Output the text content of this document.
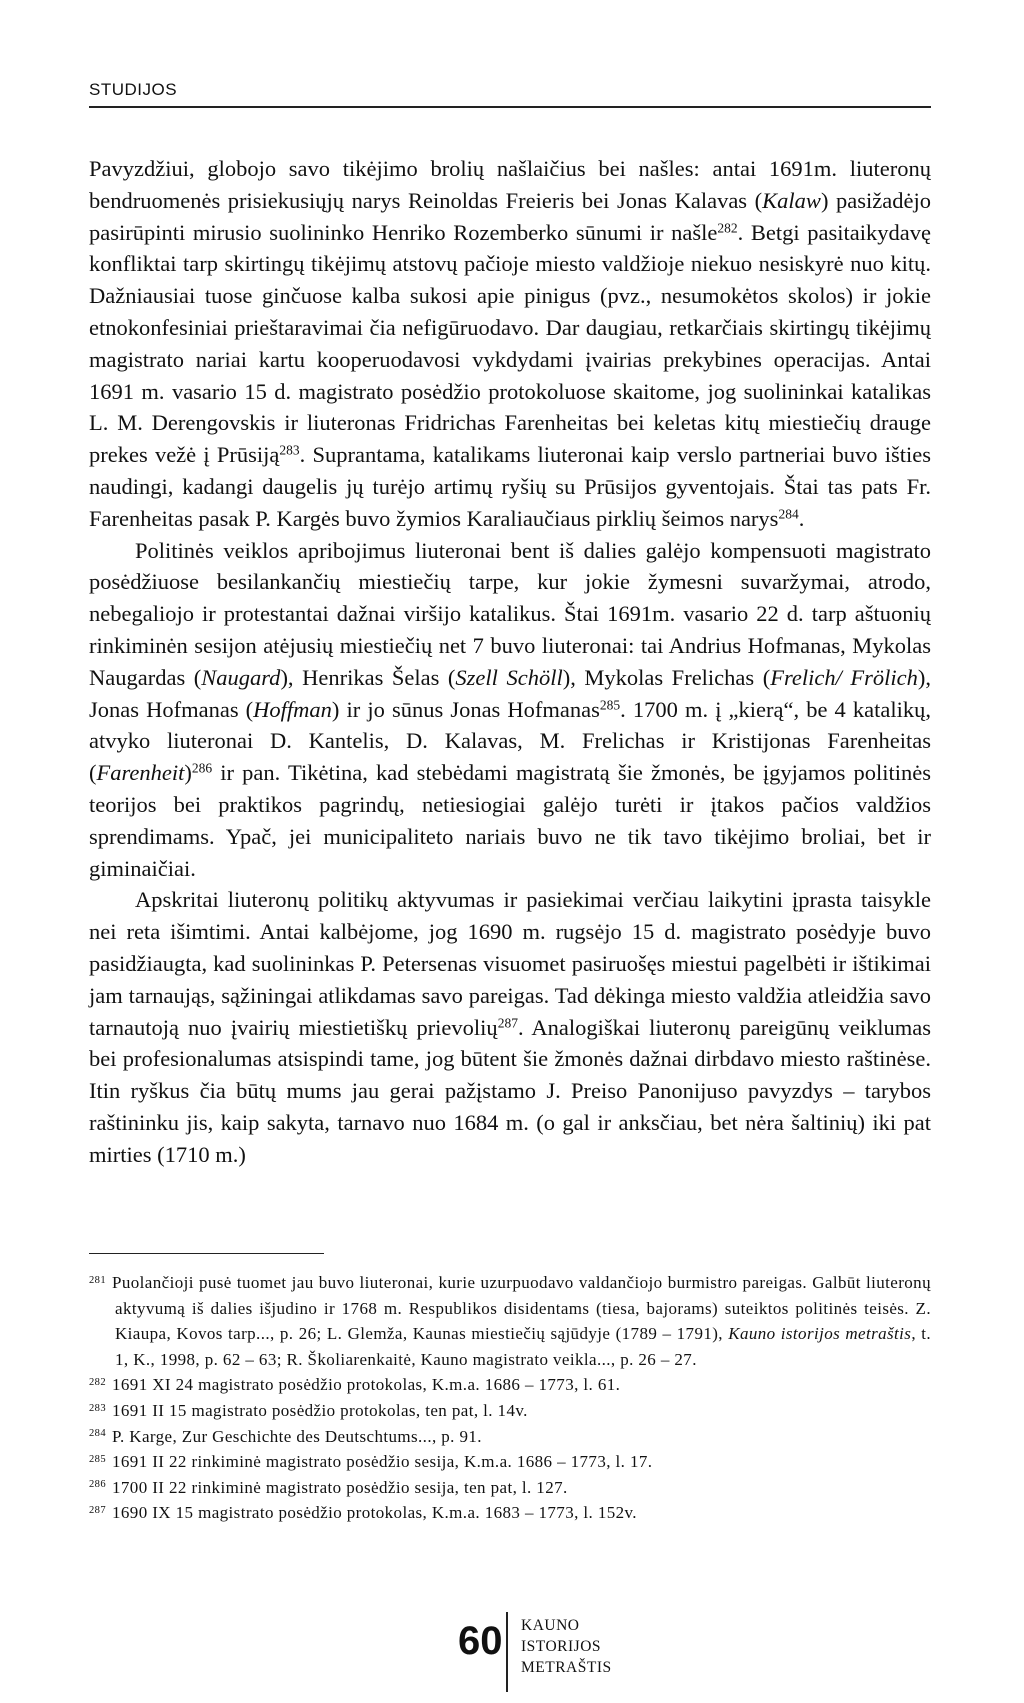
STUDIJOS

Pavyzdžiui, globojo savo tikėjimo brolių našlaičius bei našles: antai 1691m. liuteronų bendruomenės prisiekusiųjų narys Reinoldas Freieris bei Jonas Kalavas (Kalaw) pasižadėjo pasirūpinti mirusio suolininko Henriko Rozemberko sūnumi ir našle$^{282}$. Betgi pasitaikydavę konfliktai tarp skirtingų tikėjimų atstovų pačioje miesto valdžioje niekuo nesiskyrė nuo kitų. Dažniausiai tuose ginčuose kalba sukosi apie pinigus (pvz., nesumokėtos skolos) ir jokie etnokonfesiniai prieštaravimai čia nefigūruodavo. Dar daugiau, retkarčiais skirtingų tikėjimų magistrato nariai kartu kooperuodavosi vykdydami įvairias prekybines operacijas. Antai 1691 m. vasario 15 d. magistrato posėdžio protokoluose skaitome, jog suolininkai katalikas L. M. Derengovskis ir liuteronas Fridrichas Farenheitas bei keletas kitų miestiečių drauge prekes vežė į Prūsiją$^{283}$. Suprantama, katalikams liuteronai kaip verslo partneriai buvo išties naudingi, kadangi daugelis jų turėjo artimų ryšių su Prūsijos gyventojais. Štai tas pats Fr. Farenheitas pasak P. Kargės buvo žymios Karaliaučiaus pirklių šeimos narys$^{284}$.

Politinės veiklos apribojimus liuteronai bent iš dalies galėjo kompensuoti magistrato posėdžiuose besilankančių miestiečių tarpe, kur jokie žymesni suvaržymai, atrodo, nebegaliojo ir protestantai dažnai viršijo katalikus. Štai 1691m. vasario 22 d. tarp aštuonių rinkiminėn sesijon atėjusių miestiečių net 7 buvo liuteronai: tai Andrius Hofmanas, Mykolas Naugardas (Naugard), Henrikas Šelas (Szell Schöll), Mykolas Frelichas (Frelich/ Frölich), Jonas Hofmanas (Hoffman) ir jo sūnus Jonas Hofmanas$^{285}$. 1700 m. į „kierą“, be 4 katalikų, atvyko liuteronai D. Kantelis, D. Kalavas, M. Frelichas ir Kristijonas Farenheitas (Farenheit)$^{286}$ ir pan. Tikėtina, kad stebėdami magistratą šie žmonės, be įgyjamos politinės teorijos bei praktikos pagrindų, netiesiogiai galėjo turėti ir įtakos pačios valdžios sprendimams. Ypač, jei municipaliteto nariais buvo ne tik tavo tikėjimo broliai, bet ir giminaičiai.

Apskritai liuteronų politikų aktyvumas ir pasiekimai verčiau laikytini įprasta taisykle nei reta išimtimi. Antai kalbėjome, jog 1690 m. rugsėjo 15 d. magistrato posėdyje buvo pasidžiaugta, kad suolininkas P. Petersenas visuomet pasiruošęs miestui pagelbėti ir ištikimai jam tarnaująs, sąžiningai atlikdamas savo pareigas. Tad dėkinga miesto valdžia atleidžia savo tarnautoją nuo įvairių miestietiškų prievolių$^{287}$. Analogiškai liuteronų pareigūnų veiklumas bei profesionalumas atsispindi tame, jog būtent šie žmonės dažnai dirbdavo miesto raštinėse. Itin ryškus čia būtų mums jau gerai pažįstamo J. Preiso Panonijuso pavyzdys – tarybos raštininku jis, kaip sakyta, tarnavo nuo 1684 m. (o gal ir anksčiau, bet nėra šaltinių) iki pat mirties (1710 m.)

$^{281}$ Puolančioji pusė tuomet jau buvo liuteronai, kurie uzurpuodavo valdančiojo burmistro pareigas. Galbūt liuteronų aktyvumą iš dalies išjudino ir 1768 m. Respublikos disidentams (tiesa, bajorams) suteiktos politinės teisės. Z. Kiaupa, Kovos tarp..., p. 26; L. Glemža, Kaunas miestiečių sąjūdyje (1789 – 1791), Kauno istorijos metraštis, t. 1, K., 1998, p. 62 – 63; R. Školiarenkaitė, Kauno magistrato veikla..., p. 26 – 27.

$^{282}$ 1691 XI 24 magistrato posėdžio protokolas, K.m.a. 1686 – 1773, l. 61.

$^{283}$ 1691 II 15 magistrato posėdžio protokolas, ten pat, l. 14v.

$^{284}$ P. Karge, Zur Geschichte des Deutschtums..., p. 91.

$^{285}$ 1691 II 22 rinkiminė magistrato posėdžio sesija, K.m.a. 1686 – 1773, l. 17.

$^{286}$ 1700 II 22 rinkiminė magistrato posėdžio sesija, ten pat, l. 127.

$^{287}$ 1690 IX 15 magistrato posėdžio protokolas, K.m.a. 1683 – 1773, l. 152v.

60 KAUNO
ISTORIJOS
METRAŠTIS
